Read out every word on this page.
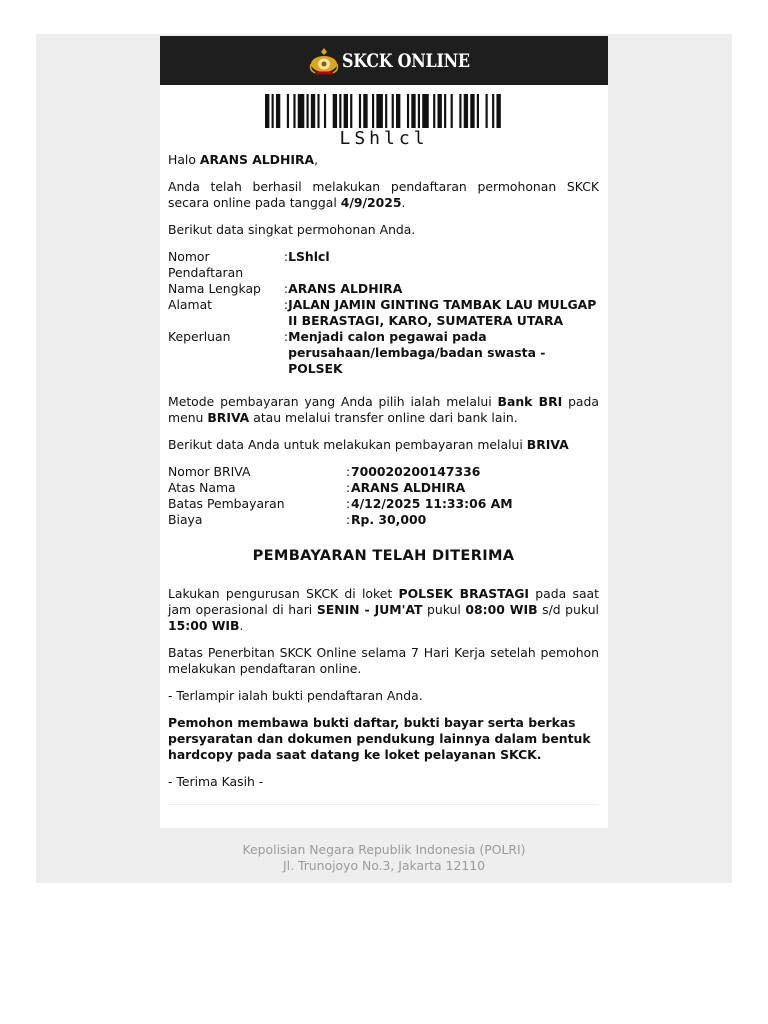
SKCK ONLINE
LShlcl

Halo ARANS ALDHIRA,

Anda telah berhasil melakukan pendaftaran permohonan SKCK secara online pada tanggal 4/9/2025.

Berikut data singkat permohonan Anda.

Nomor Pendaftaran	:	LShlcl
Nama Lengkap	:	ARANS ALDHIRA
Alamat	:	JALAN JAMIN GINTING TAMBAK LAU MULGAP II BERASTAGI, KARO, SUMATERA UTARA
Keperluan	:	Menjadi calon pegawai pada perusahaan/lembaga/badan swasta - POLSEK

Metode pembayaran yang Anda pilih ialah melalui Bank BRI pada menu BRIVA atau melalui transfer online dari bank lain.

Berikut data Anda untuk melakukan pembayaran melalui BRIVA

Nomor BRIVA	:	700020200147336
Atas Nama	:	ARANS ALDHIRA
Batas Pembayaran	:	4/12/2025 11:33:06 AM
Biaya	:	Rp. 30,000
PEMBAYARAN TELAH DITERIMA

Lakukan pengurusan SKCK di loket POLSEK BRASTAGI pada saat jam operasional di hari SENIN - JUM'AT pukul 08:00 WIB s/d pukul 15:00 WIB.

Batas Penerbitan SKCK Online selama 7 Hari Kerja setelah pemohon melakukan pendaftaran online.

- Terlampir ialah bukti pendaftaran Anda.

Pemohon membawa bukti daftar, bukti bayar serta berkas persyaratan dan dokumen pendukung lainnya dalam bentuk hardcopy pada saat datang ke loket pelayanan SKCK.

- Terima Kasih -

Kepolisian Negara Republik Indonesia (POLRI)
Jl. Trunojoyo No.3, Jakarta 12110
